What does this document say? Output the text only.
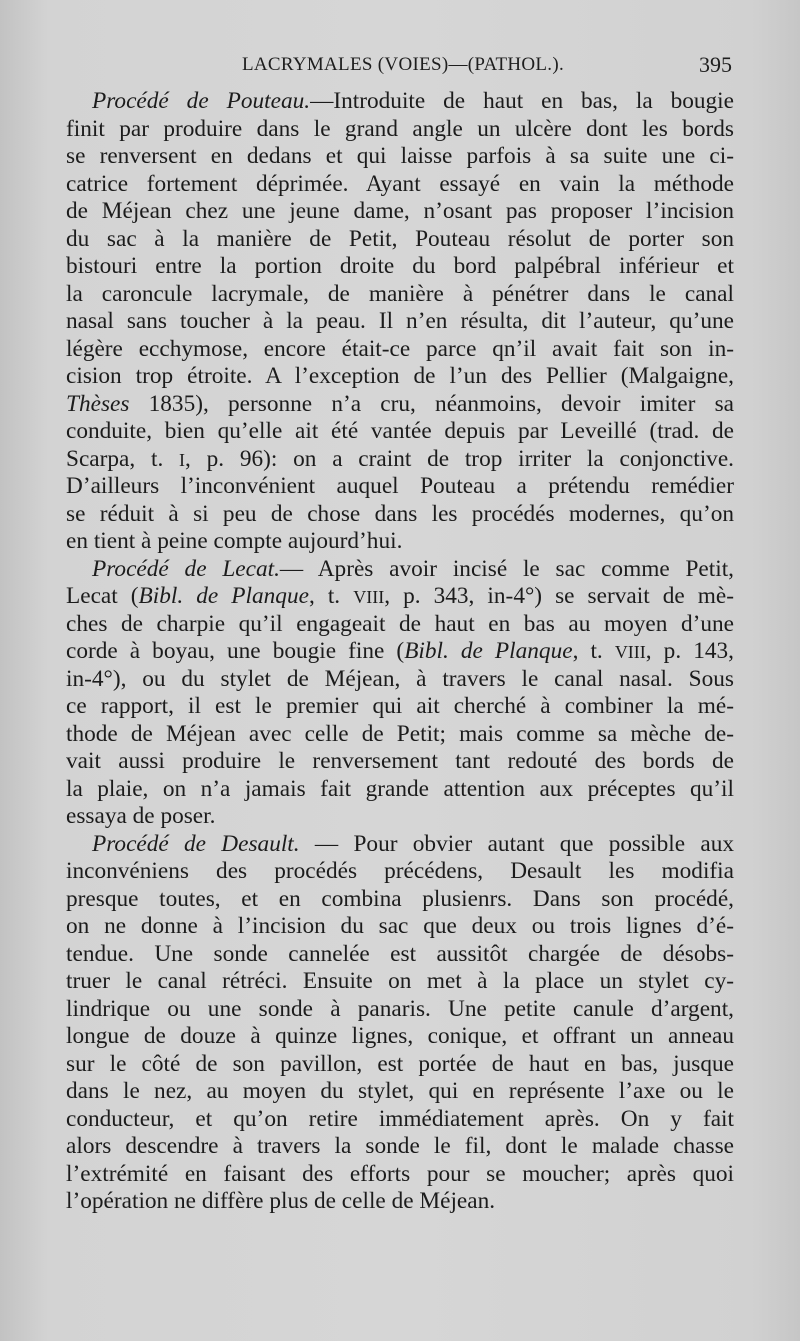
LACRYMALES (VOIES)—(PATHOL.).	395
Procédé de Pouteau.—Introduite de haut en bas, la bougie
finit par produire dans le grand angle un ulcère dont les bords
se renversent en dedans et qui laisse parfois à sa suite une ci-
catrice fortement déprimée. Ayant essayé en vain la méthode
de Méjean chez une jeune dame, n’osant pas proposer l’incision
du sac à la manière de Petit, Pouteau résolut de porter son
bistouri entre la portion droite du bord palpébral inférieur et
la caroncule lacrymale, de manière à pénétrer dans le canal
nasal sans toucher à la peau. Il n’en résulta, dit l’auteur, qu’une
légère ecchymose, encore était-ce parce qn’il avait fait son in-
cision trop étroite. A l’exception de l’un des Pellier (Malgaigne,
Thèses 1835), personne n’a cru, néanmoins, devoir imiter sa
conduite, bien qu’elle ait été vantée depuis par Leveillé (trad. de
Scarpa, t. I, p. 96): on a craint de trop irriter la conjonctive.
D’ailleurs l’inconvénient auquel Pouteau a prétendu remédier
se réduit à si peu de chose dans les procédés modernes, qu’on
en tient à peine compte aujourd’hui.
Procédé de Lecat.— Après avoir incisé le sac comme Petit,
Lecat (Bibl. de Planque, t. VIII, p. 343, in-4°) se servait de mè-
ches de charpie qu’il engageait de haut en bas au moyen d’une
corde à boyau, une bougie fine (Bibl. de Planque, t. VIII, p. 143,
in-4°), ou du stylet de Méjean, à travers le canal nasal. Sous
ce rapport, il est le premier qui ait cherché à combiner la mé-
thode de Méjean avec celle de Petit; mais comme sa mèche de-
vait aussi produire le renversement tant redouté des bords de
la plaie, on n’a jamais fait grande attention aux préceptes qu’il
essaya de poser.
Procédé de Desault. — Pour obvier autant que possible aux
inconvéniens des procédés précédens, Desault les modifia
presque toutes, et en combina plusienrs. Dans son procédé,
on ne donne à l’incision du sac que deux ou trois lignes d’é-
tendue. Une sonde cannelée est aussitôt chargée de désobs-
truer le canal rétréci. Ensuite on met à la place un stylet cy-
lindrique ou une sonde à panaris. Une petite canule d’argent,
longue de douze à quinze lignes, conique, et offrant un anneau
sur le côté de son pavillon, est portée de haut en bas, jusque
dans le nez, au moyen du stylet, qui en représente l’axe ou le
conducteur, et qu’on retire immédiatement après. On y fait
alors descendre à travers la sonde le fil, dont le malade chasse
l’extrémité en faisant des efforts pour se moucher; après quoi
l’opération ne diffère plus de celle de Méjean.
